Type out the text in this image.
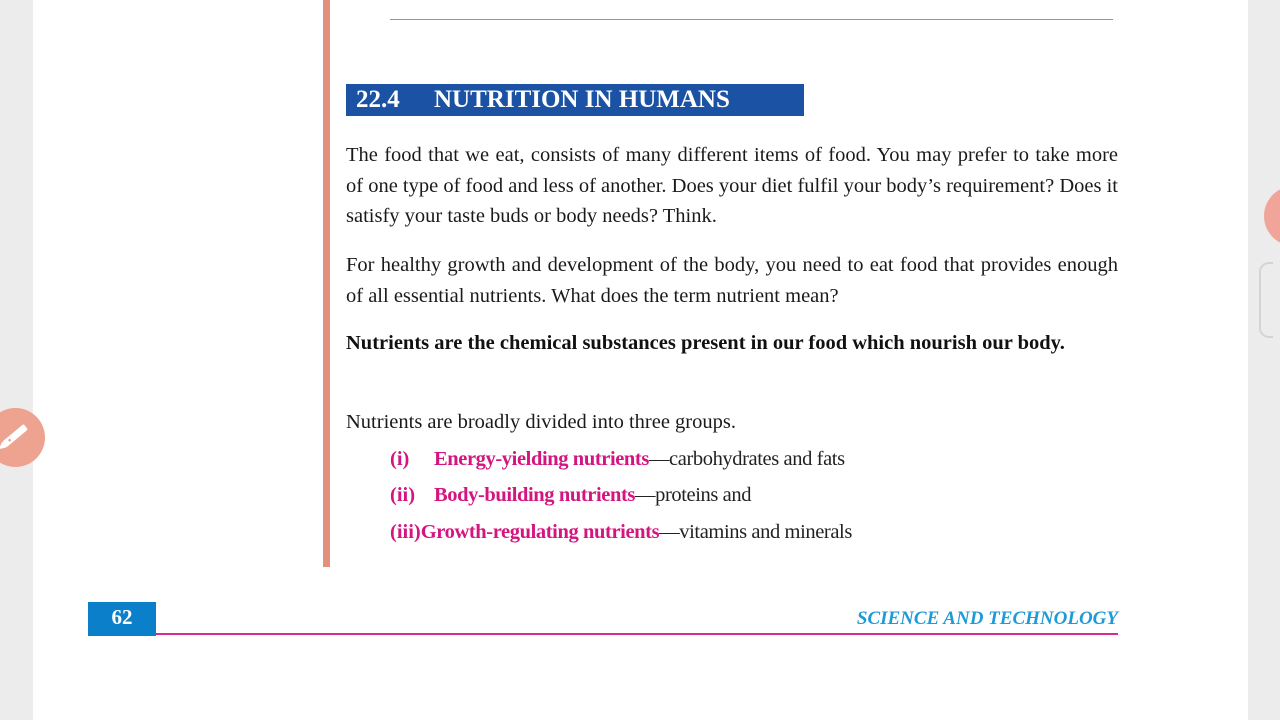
22.4 NUTRITION IN HUMANS

The food that we eat, consists of many different items of food. You may prefer to take more of one type of food and less of another. Does your diet fulfil your body’s requirement? Does it satisfy your taste buds or body needs? Think.

For healthy growth and development of the body, you need to eat food that provides enough of all essential nutrients. What does the term nutrient mean?

Nutrients are the chemical substances present in our food which nourish our body.

Nutrients are broadly divided into three groups.

(i) Energy-yielding nutrients—carbohydrates and fats
(ii) Body-building nutrients—proteins and
(iii)Growth-regulating nutrients—vitamins and minerals
62	SCIENCE AND TECHNOLOGY
